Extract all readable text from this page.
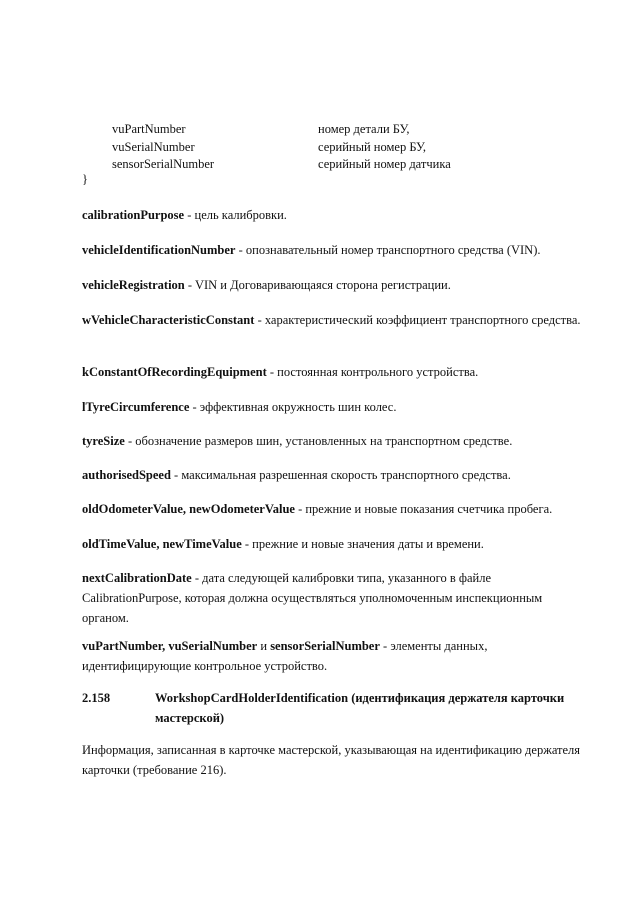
vuPartNumber	номер детали БУ,
vuSerialNumber	серийный номер БУ,
sensorSerialNumber	серийный номер датчика
}

calibrationPurpose - цель калибровки.

vehicleIdentificationNumber - опознавательный номер транспортного средства (VIN).

vehicleRegistration - VIN и Договаривающаяся сторона регистрации.

wVehicleCharacteristicConstant - характеристический коэффициент транспортного средства.

kConstantOfRecordingEquipment - постоянная контрольного устройства.

lTyreCircumference - эффективная окружность шин колес.

tyreSize - обозначение размеров шин, установленных на транспортном средстве.

authorisedSpeed - максимальная разрешенная скорость транспортного средства.

oldOdometerValue, newOdometerValue - прежние и новые показания счетчика пробега.

oldTimeValue, newTimeValue - прежние и новые значения даты и времени.

nextCalibrationDate - дата следующей калибровки типа, указанного в файле CalibrationPurpose, которая должна осуществляться уполномоченным инспекционным органом.

vuPartNumber, vuSerialNumber и sensorSerialNumber - элементы данных, идентифицирующие контрольное устройство.

2.158	WorkshopCardHolderIdentification (идентификация держателя карточки мастерской)

Информация, записанная в карточке мастерской, указывающая на идентификацию держателя карточки (требование 216).
